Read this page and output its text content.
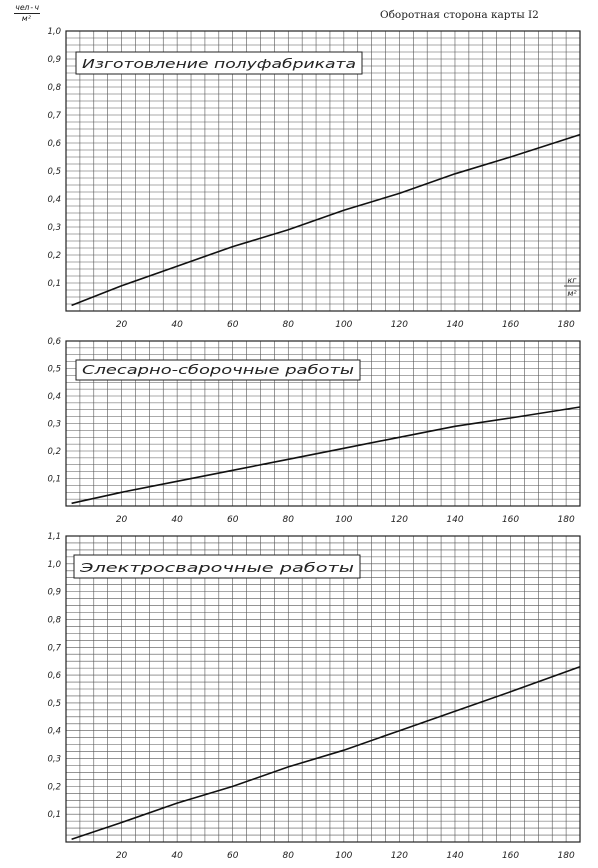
чел-ч
м²	Оборотная сторона карты I2
Изготовление полуфабриката
0,1
0,2
0,3
0,4
0,5
0,6
0,7
0,8
0,9
1,0
20	40	60	80	100	120	140	160	180
кг
м²
Слесарно-сборочные работы
0,1
0,2
0,3
0,4
0,5
0,6
20	40	60	80	100	120	140	160	180
Электросварочные работы
0,1
0,2
0,3
0,4
0,5
0,6
0,7
0,8
0,9
1,0
1,1
20	40	60	80	100	120	140	160	180
